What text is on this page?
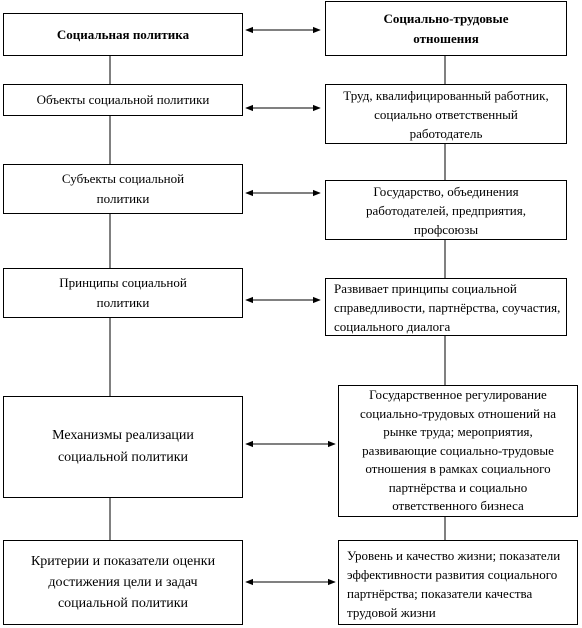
Социальная политика
Объекты социальной политики
Субъекты социальной политики
Принципы социальной политики
Механизмы реализации социальной политики
Критерии и показатели оценки достижения цели и задач социальной политики
Социально-трудовые отношения
Труд, квалифицированный работник, социально ответственный работодатель
Государство, объединения работодателей, предприятия, профсоюзы
Развивает принципы социальной справедливости, партнёрства, соучастия, социального диалога
Государственное регулирование социально-трудовых отношений на рынке труда; мероприятия, развивающие социально-трудовые отношения в рамках социального партнёрства и социально ответственного бизнеса
Уровень и качество жизни; показатели эффективности развития социального партнёрства; показатели качества трудовой жизни
